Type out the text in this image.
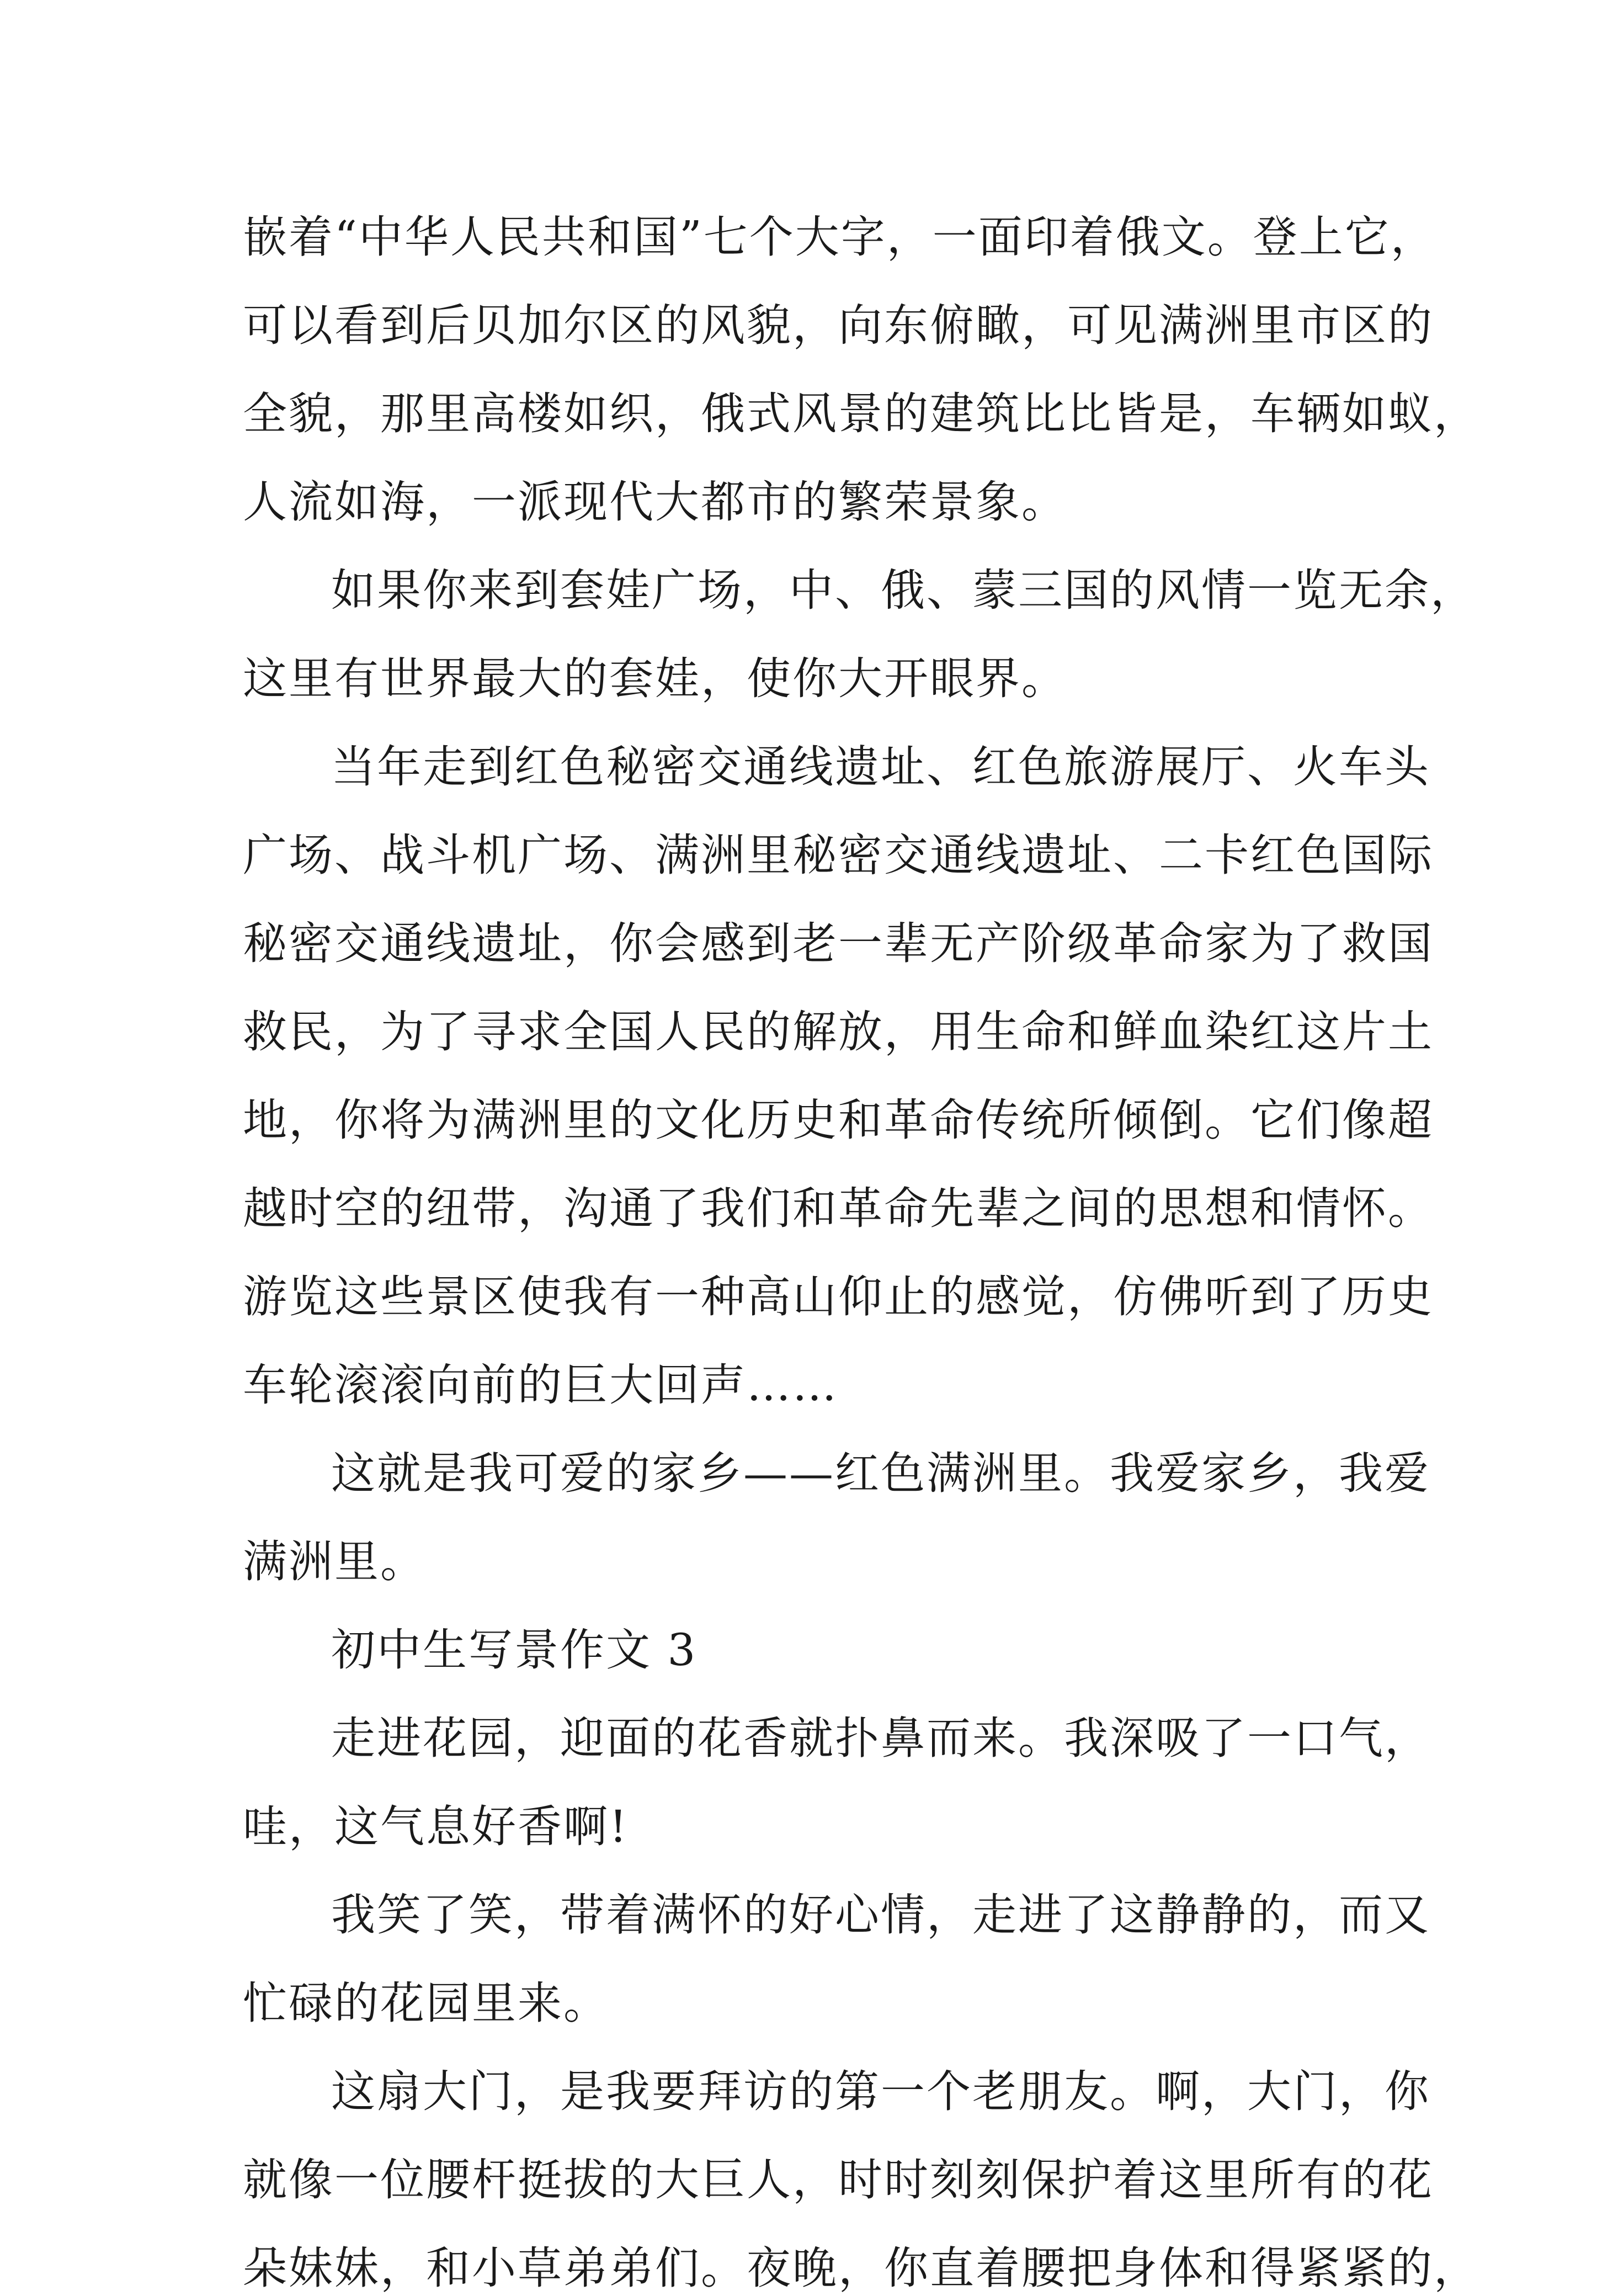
嵌着“中华人民共和国”七个大字，一面印着俄文。登上它，
可以看到后贝加尔区的风貌，向东俯瞰，可见满洲里市区的
全貌，那里高楼如织，俄式风景的建筑比比皆是，车辆如蚁，
人流如海，一派现代大都市的繁荣景象。
如果你来到套娃广场，中、俄、蒙三国的风情一览无余，
这里有世界最大的套娃，使你大开眼界。
当年走到红色秘密交通线遗址、红色旅游展厅、火车头
广场、战斗机广场、满洲里秘密交通线遗址、二卡红色国际
秘密交通线遗址，你会感到老一辈无产阶级革命家为了救国
救民，为了寻求全国人民的解放，用生命和鲜血染红这片土
地，你将为满洲里的文化历史和革命传统所倾倒。它们像超
越时空的纽带，沟通了我们和革命先辈之间的思想和情怀。
游览这些景区使我有一种高山仰止的感觉，仿佛听到了历史
车轮滚滚向前的巨大回声……
这就是我可爱的家乡——红色满洲里。我爱家乡，我爱
满洲里。
初中生写景作文 3
走进花园，迎面的花香就扑鼻而来。我深吸了一口气，
哇，这气息好香啊!
我笑了笑，带着满怀的好心情，走进了这静静的，而又
忙碌的花园里来。
这扇大门，是我要拜访的第一个老朋友。啊，大门，你
就像一位腰杆挺拔的大巨人，时时刻刻保护着这里所有的花
朵妹妹，和小草弟弟们。夜晚，你直着腰把身体和得紧紧的，
